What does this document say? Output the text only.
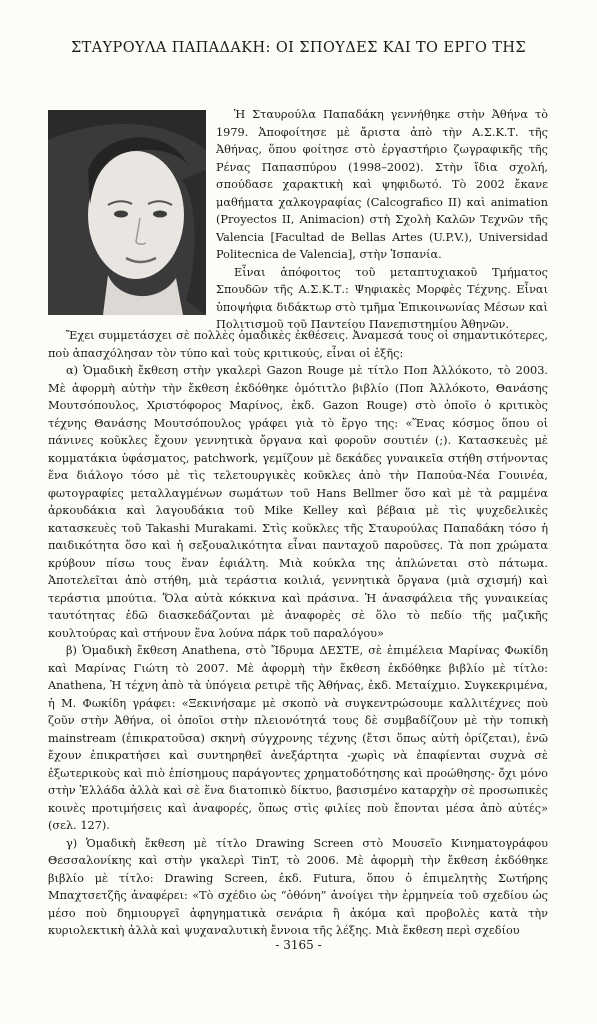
ΣΤΑΥΡΟΥΛΑ ΠΑΠΑΔΑΚΗ: ΟΙ ΣΠΟΥΔΕΣ ΚΑΙ ΤΟ ΕΡΓΟ ΤΗΣ

Ἡ Σταυρούλα Παπαδάκη γεννήθηκε στὴν Ἀθήνα τὸ 1979. Ἀποφοίτησε μὲ ἄριστα ἀπὸ τὴν Α.Σ.Κ.Τ. τῆς Ἀθήνας, ὅπου φοίτησε στὸ ἐργαστήριο ζωγραφικῆς τῆς Ρένας Παπασπύρου (1998–2002). Στὴν ἴδια σχολή, σπούδασε χαρακτικὴ καὶ ψηφιδωτό. Τὸ 2002 ἔκανε μαθήματα χαλκογραφίας (Calcografico II) καὶ animation (Proyectos II, Animacion) στὴ Σχολὴ Καλῶν Τεχνῶν τῆς Valencia [Facultad de Bellas Artes (U.P.V.), Universidad Politecnica de Valencia], στὴν Ἱσπανία.

Εἶναι ἀπόφοιτος τοῦ μεταπτυχιακοῦ Τμήματος Σπουδῶν τῆς Α.Σ.Κ.Τ.: Ψηφιακὲς Μορφὲς Τέχνης. Εἶναι ὑποψήφια διδάκτωρ στὸ τμῆμα Ἐπικοινωνίας Μέσων καὶ Πολιτισμοῦ τοῦ Παντείου Πανεπιστημίου Ἀθηνῶν.

Ἔχει συμμετάσχει σὲ πολλὲς ὁμαδικὲς ἐκθέσεις. Ἀναμεσά τους οἱ σημαντικότερες, ποὺ ἀπασχόλησαν τὸν τύπο καὶ τοὺς κριτικούς, εἶναι οἱ ἑξῆς:

α) Ὁμαδικὴ ἔκθεση στὴν γκαλερὶ Gazon Rouge μὲ τίτλο Ποπ Ἀλλόκοτο, τὸ 2003. Μὲ ἀφορμὴ αὐτὴν τὴν ἔκθεση ἐκδόθηκε ὁμότιτλο βιβλίο (Ποπ Ἀλλόκοτο, Θανάσης Μουτσόπουλος, Χριστόφορος Μαρίνος, ἐκδ. Gazon Rouge) στὸ ὁποῖο ὁ κριτικὸς τέχνης Θανάσης Μουτσόπουλος γράφει γιὰ τὸ ἔργο της: «Ἕνας κόσμος ὅπου οἱ πάνινες κοῦκλες ἔχουν γεννητικὰ ὄργανα καὶ φοροῦν σουτιέν (;). Κατασκευὲς μὲ κομματάκια ὑφάσματος, patchwork, γεμίζουν μὲ δεκάδες γυναικεῖα στήθη στήνοντας ἕνα διάλογο τόσο μὲ τὶς τελετουργικὲς κοῦκλες ἀπὸ τὴν Παπούα-Νέα Γουινέα, φωτογραφίες μεταλλαγμένων σωμάτων τοῦ Hans Bellmer ὅσο καὶ μὲ τὰ ραμμένα ἀρκουδάκια καὶ λαγουδάκια τοῦ Mike Kelley καὶ βέβαια μὲ τὶς ψυχεδελικὲς κατασκευὲς τοῦ Takashi Murakami. Στὶς κοῦκλες τῆς Σταυρούλας Παπαδάκη τόσο ἡ παιδικότητα ὅσο καὶ ἡ σεξουαλικότητα εἶναι πανταχοῦ παροῦσες. Τὰ ποπ χρώματα κρύβουν πίσω τους ἕναν ἐφιάλτη. Μιὰ κούκλα της ἁπλώνεται στὸ πάτωμα. Ἀποτελεῖται ἀπὸ στήθη, μιὰ τεράστια κοιλιά, γεννητικὰ ὄργανα (μιὰ σχισμή) καὶ τεράστια μπούτια. Ὅλα αὐτὰ κόκκινα καὶ πράσινα. Ἡ ἀνασφάλεια τῆς γυναικείας ταυτότητας ἐδῶ διασκεδάζονται μὲ ἀναφορὲς σὲ ὅλο τὸ πεδίο τῆς μαζικῆς κουλτούρας καὶ στήνουν ἕνα λούνα πάρκ τοῦ παραλόγου»

β) Ὁμαδικὴ ἔκθεση Anathena, στὸ Ἴδρυμα ΔΕΣΤΕ, σὲ ἐπιμέλεια Μαρίνας Φωκίδη καὶ Μαρίνας Γιώτη τὸ 2007. Μὲ ἀφορμὴ τὴν ἔκθεση ἐκδόθηκε βιβλίο μὲ τίτλο: Anathena, Ἡ τέχνη ἀπὸ τὰ ὑπόγεια ρετιρὲ τῆς Ἀθήνας, ἐκδ. Μεταίχμιο. Συγκεκριμένα, ἡ Μ. Φωκίδη γράφει: «Ξεκινήσαμε μὲ σκοπὸ νὰ συγκεντρώσουμε καλλιτέχνες ποὺ ζοῦν στὴν Ἀθήνα, οἱ ὁποῖοι στὴν πλειονότητά τους δὲ συμβαδίζουν μὲ τὴν τοπικὴ mainstream (ἐπικρατοῦσα) σκηνὴ σύγχρονης τέχνης (ἔτσι ὅπως αὐτὴ ὁρίζεται), ἐνῶ ἔχουν ἐπικρατήσει καὶ συντηρηθεῖ ἀνεξάρτητα -χωρὶς νὰ ἐπαφίενται συχνὰ σὲ ἐξωτερικοὺς καὶ πιὸ ἐπίσημους παράγοντες χρηματοδότησης καὶ προώθησης- ὄχι μόνο στὴν Ἑλλάδα ἀλλὰ καὶ σὲ ἕνα διατοπικὸ δίκτυο, βασισμένο καταρχὴν σὲ προσωπικὲς κοινὲς προτιμήσεις καὶ ἀναφορές, ὅπως στὶς φιλίες ποὺ ἔπονται μέσα ἀπὸ αὐτές» (σελ. 127).

γ) Ὁμαδικὴ ἔκθεση μὲ τίτλο Drawing Screen στὸ Μουσεῖο Κινηματογράφου Θεσσαλονίκης καὶ στὴν γκαλερὶ TinT, τὸ 2006. Μὲ ἀφορμὴ τὴν ἔκθεση ἐκδόθηκε βιβλίο μὲ τίτλο: Drawing Screen, ἐκδ. Futura, ὅπου ὁ ἐπιμελητὴς Σωτήρης Μπαχτσετζῆς ἀναφέρει: «Τὸ σχέδιο ὡς “ὀθόνη” ἀνοίγει τὴν ἑρμηνεία τοῦ σχεδίου ὡς μέσο ποὺ δημιουργεῖ ἀφηγηματικὰ σενάρια ἢ ἀκόμα καὶ προβολὲς κατὰ τὴν κυριολεκτικὴ ἀλλὰ καὶ ψυχαναλυτικὴ ἔννοια τῆς λέξης. Μιὰ ἔκθεση περὶ σχεδίου

- 3165 -
